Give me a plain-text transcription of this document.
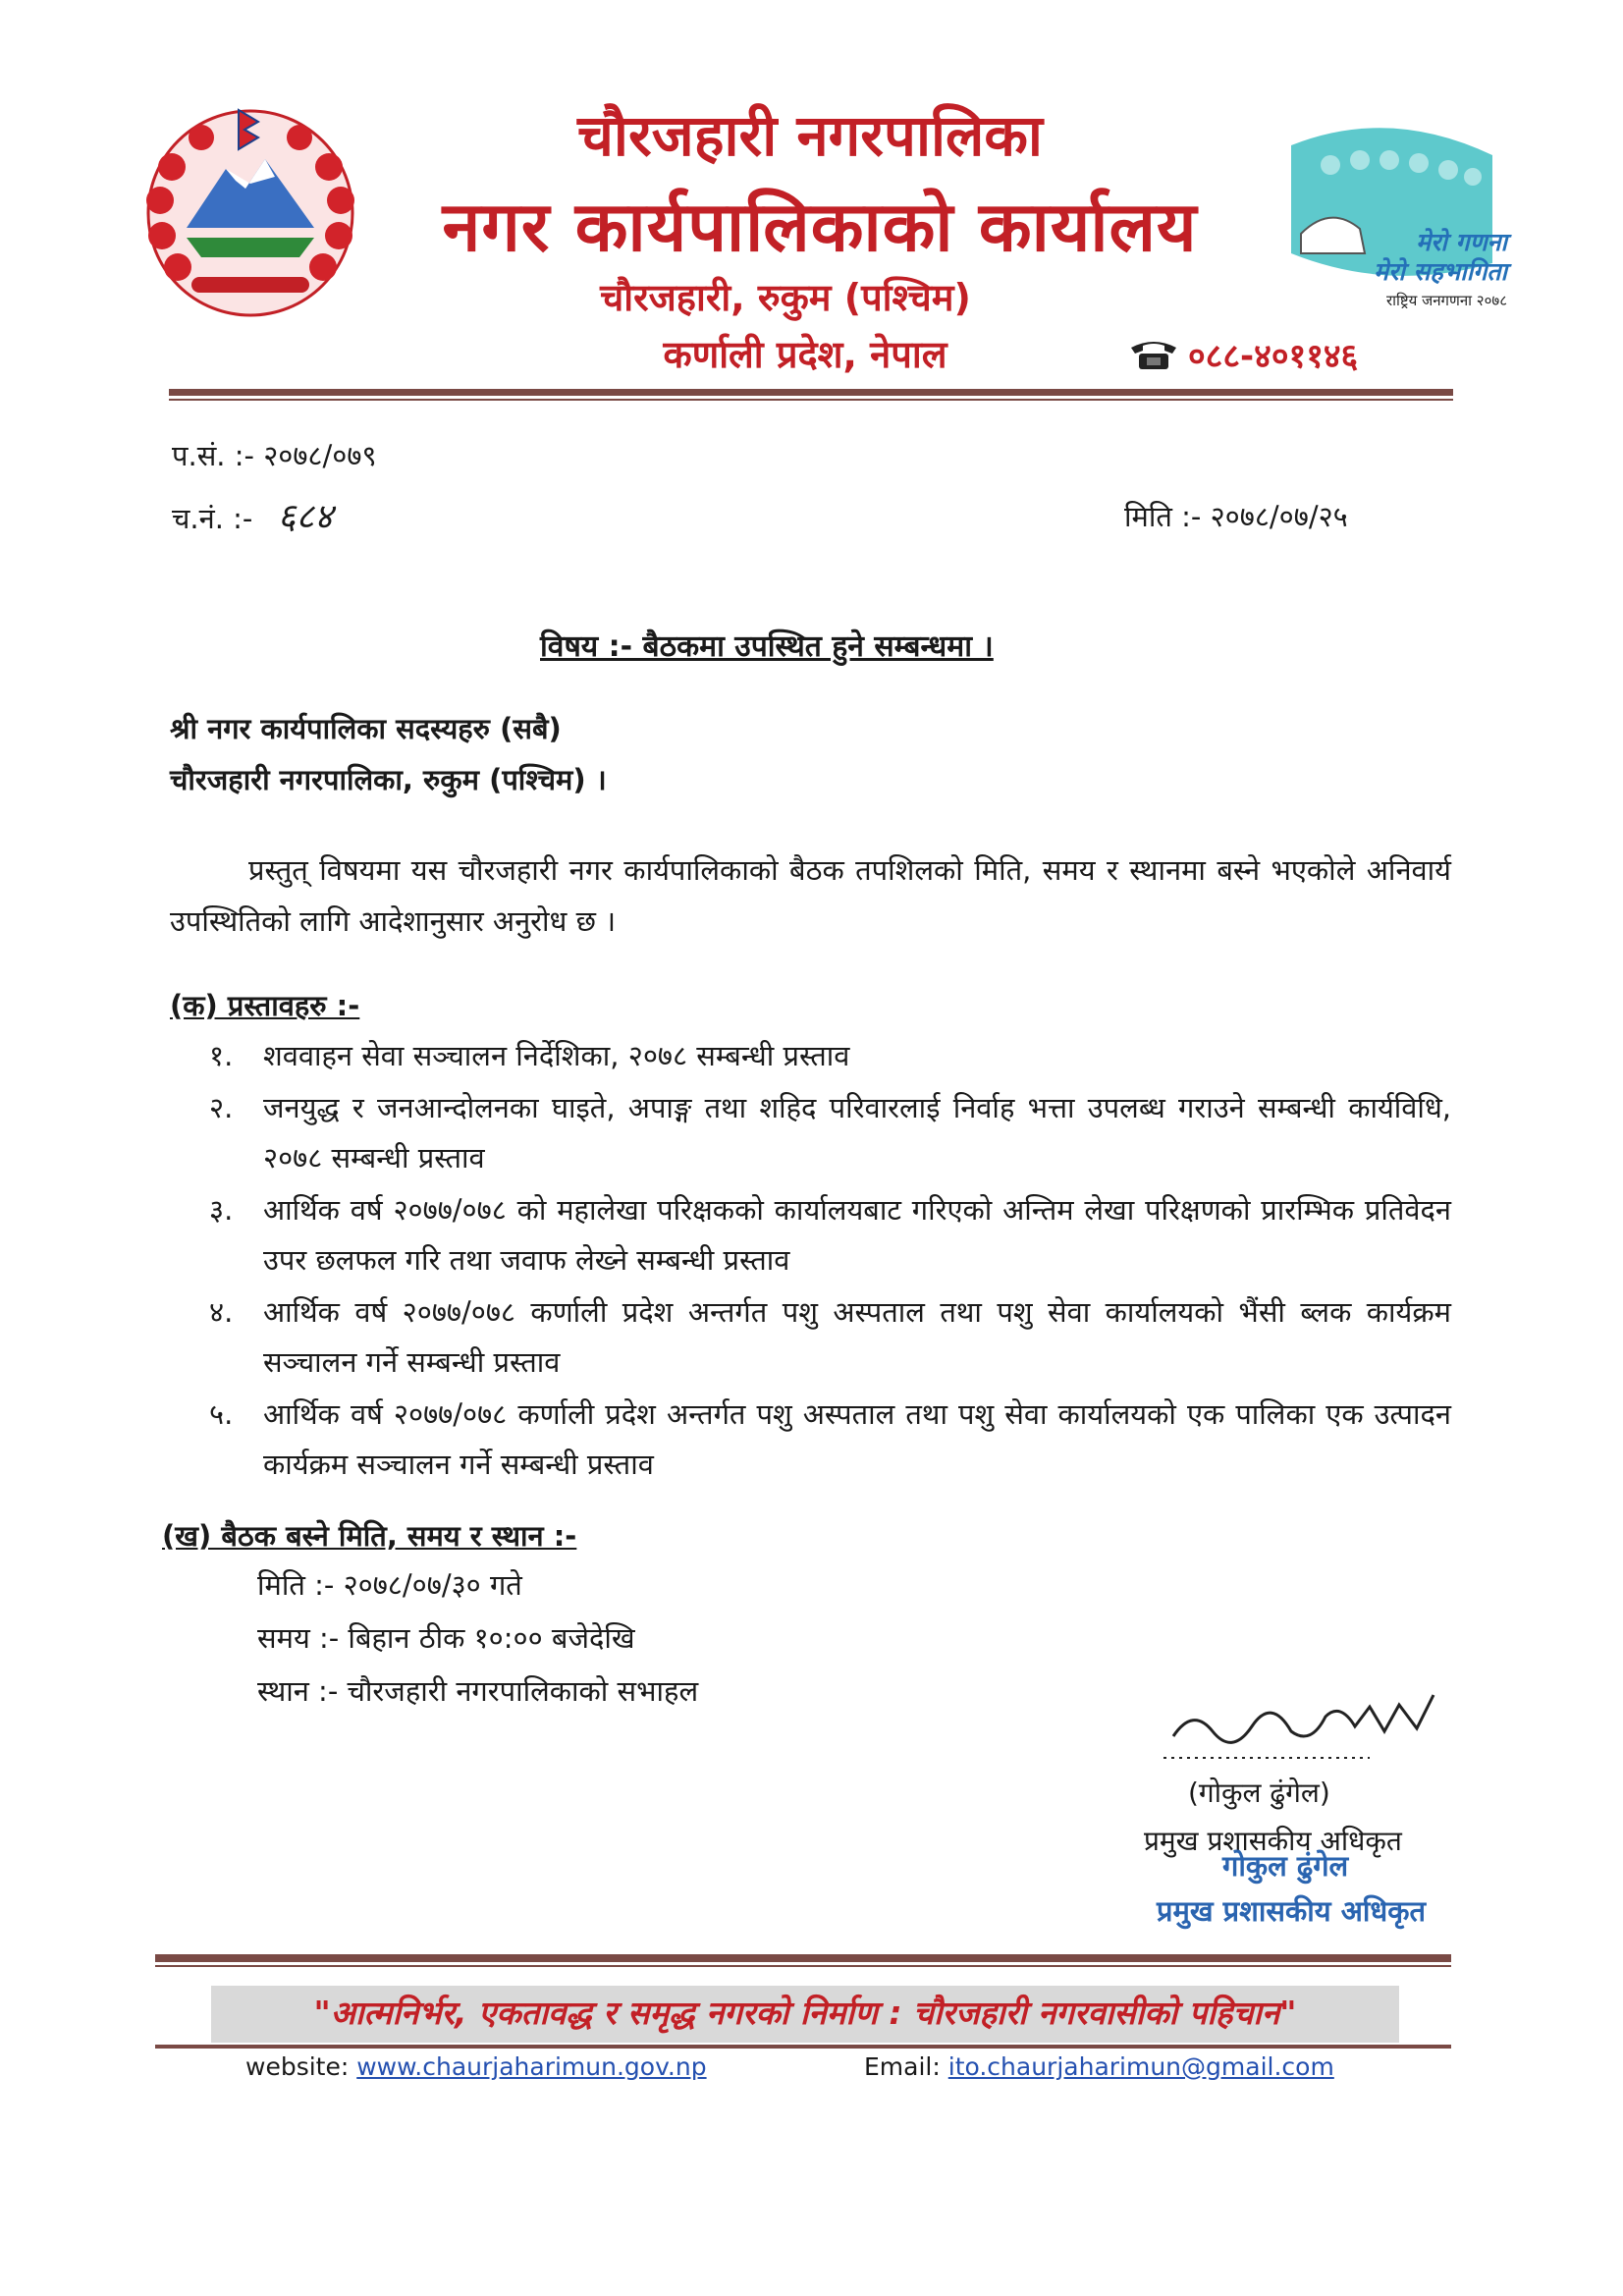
चौरजहारी नगरपालिका
नगर कार्यपालिकाको कार्यालय
चौरजहारी, रुकुम (पश्चिम)
कर्णाली प्रदेश, नेपाल
मेरो गणना
मेरो सहभागिता
राष्ट्रिय जनगणना २०७८
०८८-४०११४६
प.सं. :- २०७८/०७९
च.नं. :- ६८४	मिति :- २०७८/०७/२५
विषय :- बैठकमा उपस्थित हुने सम्बन्धमा ।
श्री नगर कार्यपालिका सदस्यहरु (सबै)
चौरजहारी नगरपालिका, रुकुम (पश्चिम) ।
प्रस्तुत् विषयमा यस चौरजहारी नगर कार्यपालिकाको बैठक तपशिलको मिति, समय र स्थानमा बस्ने भएकोले अनिवार्य उपस्थितिको लागि आदेशानुसार अनुरोध छ ।
(क) प्रस्तावहरु :-
१. शववाहन सेवा सञ्चालन निर्देशिका, २०७८ सम्बन्धी प्रस्ताव
२. जनयुद्ध र जनआन्दोलनका घाइते, अपाङ्ग तथा शहिद परिवारलाई निर्वाह भत्ता उपलब्ध गराउने सम्बन्धी कार्यविधि, २०७८ सम्बन्धी प्रस्ताव
३. आर्थिक वर्ष २०७७/०७८ को महालेखा परिक्षकको कार्यालयबाट गरिएको अन्तिम लेखा परिक्षणको प्रारम्भिक प्रतिवेदन उपर छलफल गरि तथा जवाफ लेख्ने सम्बन्धी प्रस्ताव
४. आर्थिक वर्ष २०७७/०७८ कर्णाली प्रदेश अन्तर्गत पशु अस्पताल तथा पशु सेवा कार्यालयको भैंसी ब्लक कार्यक्रम सञ्चालन गर्ने सम्बन्धी प्रस्ताव
५. आर्थिक वर्ष २०७७/०७८ कर्णाली प्रदेश अन्तर्गत पशु अस्पताल तथा पशु सेवा कार्यालयको एक पालिका एक उत्पादन कार्यक्रम सञ्चालन गर्ने सम्बन्धी प्रस्ताव
(ख) बैठक बस्ने मिति, समय र स्थान :-
मिति :- २०७८/०७/३० गते
समय :- बिहान ठीक १०:०० बजेदेखि
स्थान :- चौरजहारी नगरपालिकाको सभाहल
(गोकुल ढुंगेल)
प्रमुख प्रशासकीय अधिकृत
गोकुल ढुंगेल
प्रमुख प्रशासकीय अधिकृत
"आत्मनिर्भर, एकतावद्ध र समृद्ध नगरको निर्माण : चौरजहारी नगरवासीको पहिचान"
website: www.chaurjaharimun.gov.np	Email: ito.chaurjaharimun@gmail.com
